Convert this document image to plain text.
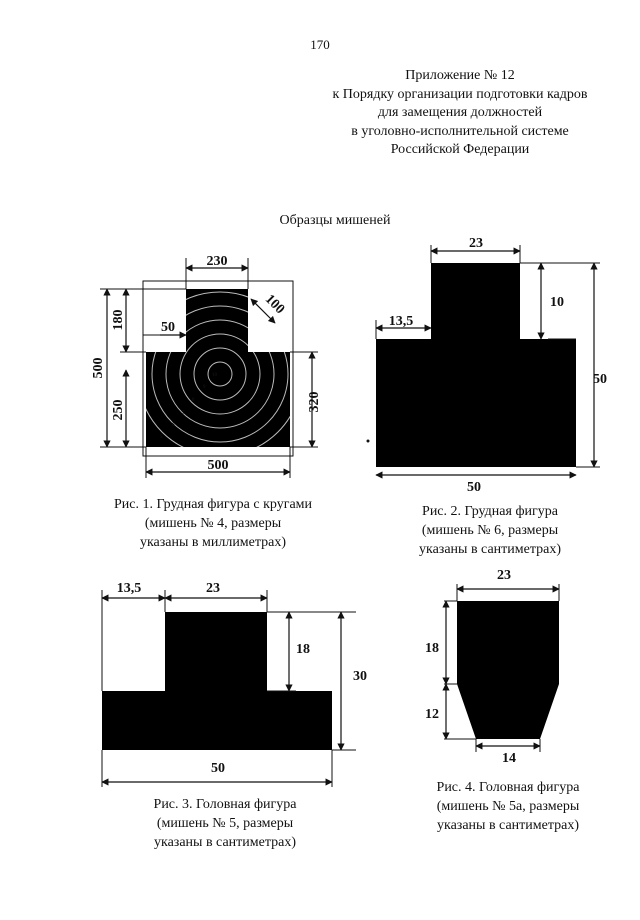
170
Приложение № 12
к Порядку организации подготовки кадров
для замещения должностей
в уголовно-исполнительной системе
Российской Федерации
Образцы мишеней
10
9
8
7
6
5
230
500
180
250	320
500
100
50
23
10
13,5
50
50
13,5	23
18
30
50
23
18
12
14
Рис. 1. Грудная фигура с кругами
(мишень № 4, размеры
указаны в миллиметрах)
Рис. 2. Грудная фигура
(мишень № 6, размеры
указаны в сантиметрах)
Рис. 3. Головная фигура
(мишень № 5, размеры
указаны в сантиметрах)
Рис. 4. Головная фигура
(мишень № 5а, размеры
указаны в сантиметрах)
